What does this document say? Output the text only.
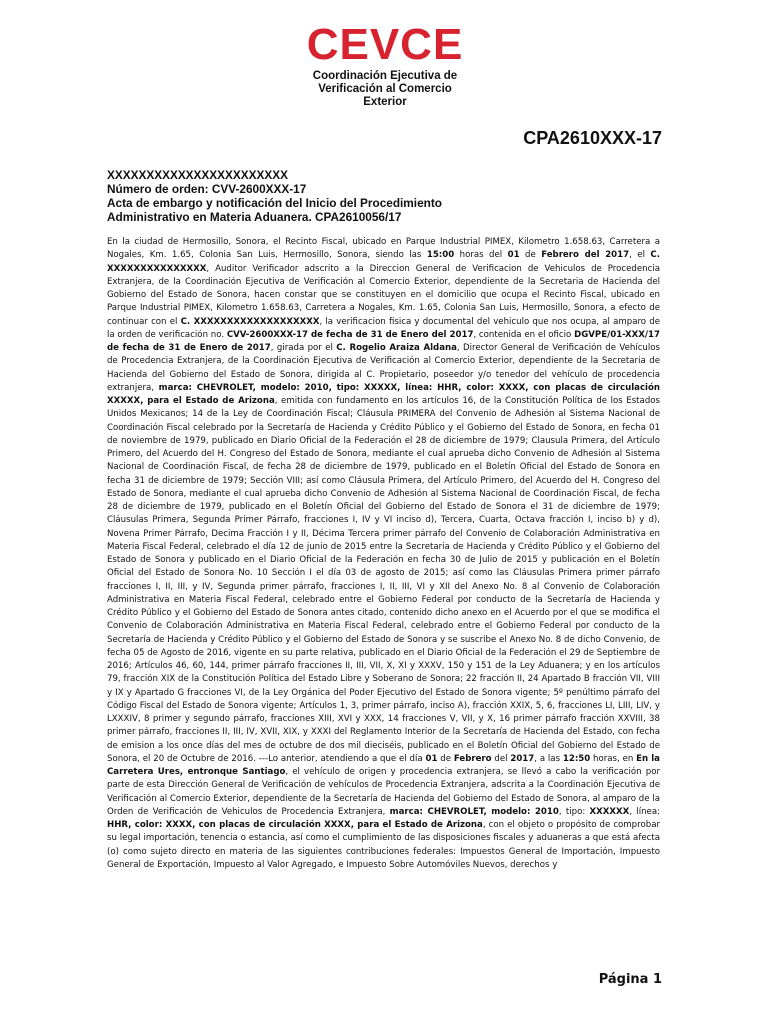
CEVCE
Coordinación Ejecutiva de
Verificación al Comercio Exterior
CPA2610XXX-17
XXXXXXXXXXXXXXXXXXXXXXX
Número de orden: CVV-2600XXX-17
Acta de embargo y notificación del Inicio del Procedimiento
Administrativo en Materia Aduanera. CPA2610056/17
En la ciudad de Hermosillo, Sonora, el Recinto Fiscal, ubicado en Parque Industrial PIMEX, Kilometro 1.658.63, Carretera a Nogales, Km. 1.65, Colonia San Luis, Hermosillo, Sonora, siendo las 15:00 horas del 01 de Febrero del 2017, el C. XXXXXXXXXXXXXXX, Auditor Verificador adscrito a la Direccion General de Verificacion de Vehiculos de Procedencia Extranjera, de la Coordinación Ejecutiva de Verificación al Comercio Exterior, dependiente de la Secretaria de Hacienda del Gobierno del Estado de Sonora, hacen constar que se constituyen en el domicilio que ocupa el Recinto Fiscal, ubicado en Parque Industrial PIMEX, Kilometro 1.658.63, Carretera a Nogales, Km. 1.65, Colonia San Luis, Hermosillo, Sonora, a efecto de continuar con el C. XXXXXXXXXXXXXXXXXXX, la verificacion fisica y documental del vehiculo que nos ocupa, al amparo de la orden de verificación no. CVV-2600XXX-17 de fecha de 31 de Enero del 2017, contenida en el oficio DGVPE/01-XXX/17 de fecha de 31 de Enero de 2017, girada por el C. Rogelio Araiza Aldana, Director General de Verificación de Vehículos de Procedencia Extranjera, de la Coordinación Ejecutiva de Verificación al Comercio Exterior, dependiente de la Secretaria de Hacienda del Gobierno del Estado de Sonora, dirigida al C. Propietario, poseedor y/o tenedor del vehículo de procedencia extranjera, marca: CHEVROLET, modelo: 2010, tipo: XXXXX, línea: HHR, color: XXXX, con placas de circulación XXXXX, para el Estado de Arizona, emitida con fundamento en los artículos 16, de la Constitución Política de los Estados Unidos Mexicanos; 14 de la Ley de Coordinación Fiscal; Cláusula PRIMERA del Convenio de Adhesión al Sistema Nacional de Coordinación Fiscal celebrado por la Secretaría de Hacienda y Crédito Público y el Gobierno del Estado de Sonora, en fecha 01 de noviembre de 1979, publicado en Diario Oficial de la Federación el 28 de diciembre de 1979; Clausula Primera, del Artículo Primero, del Acuerdo del H. Congreso del Estado de Sonora, mediante el cual aprueba dicho Convenio de Adhesión al Sistema Nacional de Coordinación Fiscal, de fecha 28 de diciembre de 1979, publicado en el Boletín Oficial del Estado de Sonora en fecha 31 de diciembre de 1979; Sección VIII; así como Cláusula Primera, del Artículo Primero, del Acuerdo del H. Congreso del Estado de Sonora, mediante el cual aprueba dicho Convenio de Adhesión al Sistema Nacional de Coordinación Fiscal, de fecha 28 de diciembre de 1979, publicado en el Boletín Oficial del Gobierno del Estado de Sonora el 31 de diciembre de 1979; Cláusulas Primera, Segunda Primer Párrafo, fracciones I, IV y VI inciso d), Tercera, Cuarta, Octava fracción I, inciso b) y d), Novena Primer Párrafo, Decima Fracción I y II, Décima Tercera primer párrafo del Convenio de Colaboración Administrativa en Materia Fiscal Federal, celebrado el día 12 de junio de 2015 entre la Secretaria de Hacienda y Crédito Público y el Gobierno del Estado de Sonora y publicado en el Diario Oficial de la Federación en fecha 30 de Julio de 2015 y publicación en el Boletín Oficial del Estado de Sonora No. 10 Sección I el día 03 de agosto de 2015; así como las Cláusulas Primera primer párrafo fracciones I, II, III, y IV, Segunda primer párrafo, fracciones I, II, III, VI y XII del Anexo No. 8 al Convenio de Colaboración Administrativa en Materia Fiscal Federal, celebrado entre el Gobierno Federal por conducto de la Secretaría de Hacienda y Crédito Público y el Gobierno del Estado de Sonora antes citado, contenido dicho anexo en el Acuerdo por el que se modifica el Convenio de Colaboración Administrativa en Materia Fiscal Federal, celebrado entre el Gobierno Federal por conducto de la Secretaría de Hacienda y Crédito Público y el Gobierno del Estado de Sonora y se suscribe el Anexo No. 8 de dicho Convenio, de fecha 05 de Agosto de 2016, vigente en su parte relativa, publicado en el Diario Oficial de la Federación el 29 de Septiembre de 2016; Artículos 46, 60, 144, primer párrafo fracciones II, III, VII, X, XI y XXXV, 150 y 151 de la Ley Aduanera; y en los artículos 79, fracción XIX de la Constitución Política del Estado Libre y Soberano de Sonora; 22 fracción II, 24 Apartado B fracción VII, VIII y IX y Apartado G fracciones VI, de la Ley Orgánica del Poder Ejecutivo del Estado de Sonora vigente; 5º penúltimo párrafo del Código Fiscal del Estado de Sonora vigente; Artículos 1, 3, primer párrafo, inciso A), fracción XXIX, 5, 6, fracciones LI, LIII, LIV, y LXXXIV, 8 primer y segundo párrafo, fracciones XIII, XVI y XXX, 14 fracciones V, VII, y X, 16 primer párrafo fracción XXVIII, 38 primer párrafo, fracciones II, III, IV, XVII, XIX, y XXXI del Reglamento Interior de la Secretaría de Hacienda del Estado, con fecha de emision a los once días del mes de octubre de dos mil dieciséis, publicado en el Boletín Oficial del Gobierno del Estado de Sonora, el 20 de Octubre de 2016. ---Lo anterior, atendiendo a que el día 01 de Febrero del 2017, a las 12:50 horas, en En la Carretera Ures, entronque Santiago, el vehículo de origen y procedencia extranjera, se llevó a cabo la verificación por parte de esta Dirección General de Verificación de vehículos de Procedencia Extranjera, adscrita a la Coordinación Ejecutiva de Verificación al Comercio Exterior, dependiente de la Secretaría de Hacienda del Gobierno del Estado de Sonora, al amparo de la Orden de Verificación de Vehiculos de Procedencia Extranjera, marca: CHEVROLET, modelo: 2010, tipo: XXXXXX, línea: HHR, color: XXXX, con placas de circulación XXXX, para el Estado de Arizona, con el objeto o propósito de comprobar su legal importación, tenencia o estancia, así como el cumplimiento de las disposiciones fiscales y aduaneras a que está afecta (o) como sujeto directo en materia de las siguientes contribuciones federales: Impuestos General de Importación, Impuesto General de Exportación, Impuesto al Valor Agregado, e Impuesto Sobre Automóviles Nuevos, derechos y
Página 1
